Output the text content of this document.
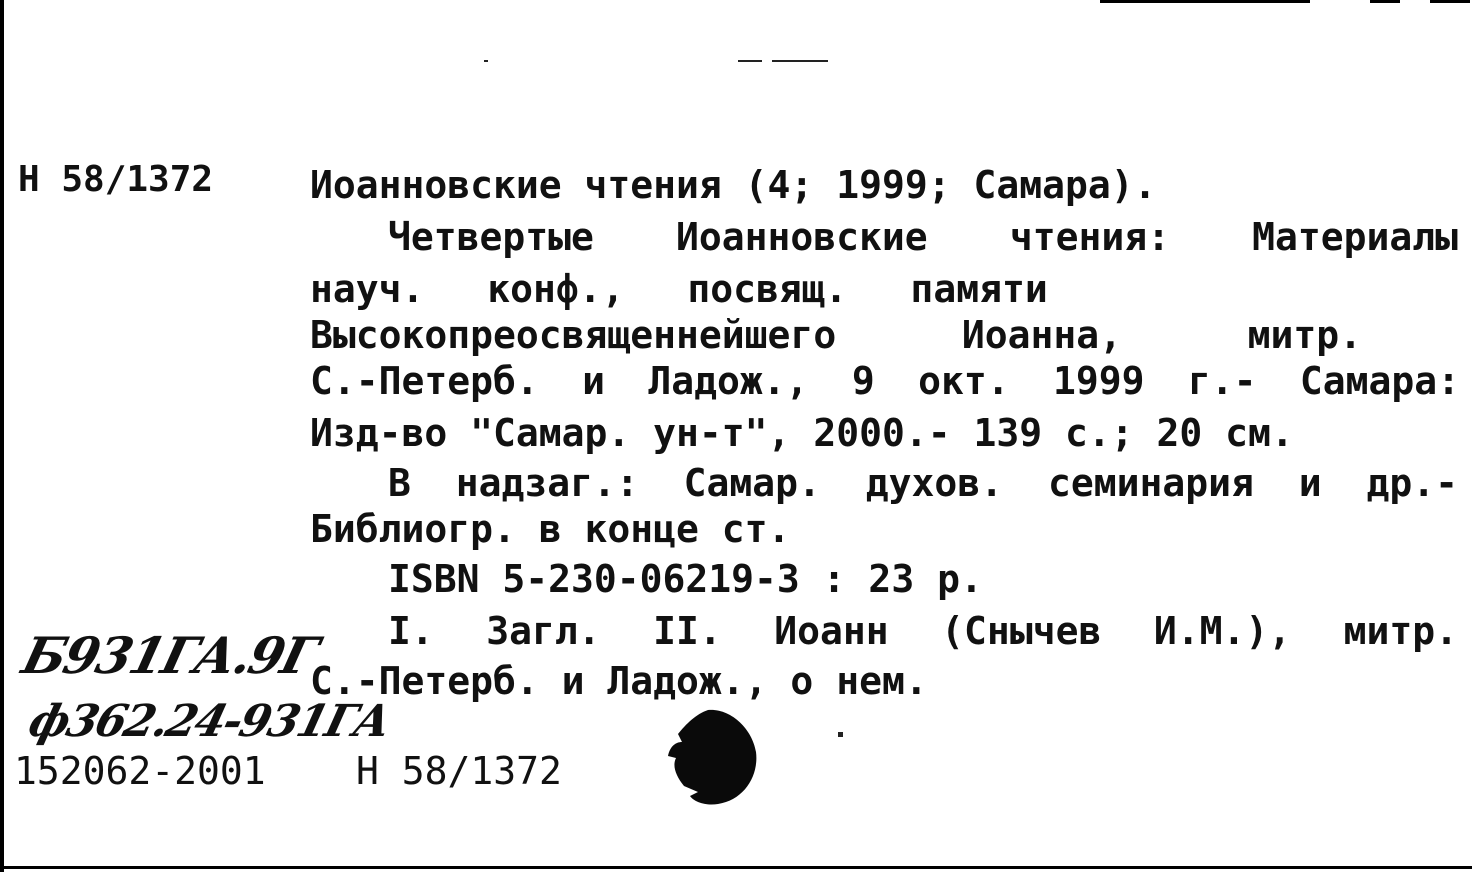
Н 58/1372	Иоанновские чтения (4; 1999; Самара).
Четвертые Иоанновские чтения: Материалы
науч. конф., посвящ. памяти
Высокопреосвященнейшего Иоанна, митр.
С.-Петерб. и Ладож., 9 окт. 1999 г.- Самара:
Изд-во "Самар. ун-т", 2000.- 139 с.; 20 см.
В надзаг.: Самар. духов. семинария и др.-
Библиогр. в конце ст.
ISBN 5-230-06219-3 : 23 р.
I. Загл. II. Иоанн (Снычев И.М.), митр.
С.-Петерб. и Ладож., о нем.
Б931ГА.9Г
ф362.24-931ГА
152062-2001 Н 58/1372
